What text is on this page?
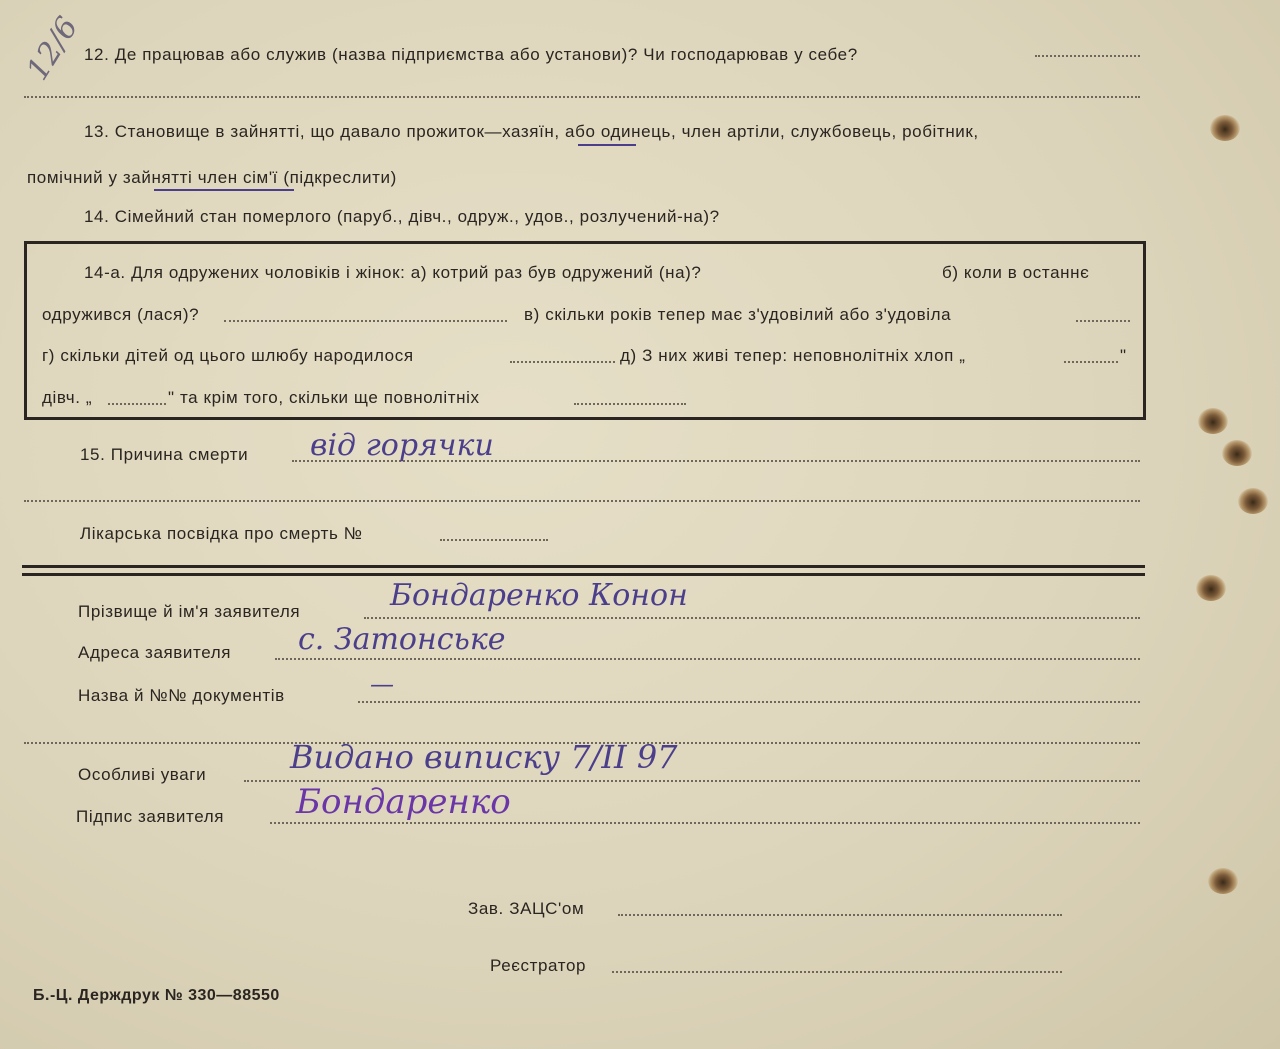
12. Де працював або служив (назва підприємства або установи)? Чи господарював у себе?
12/6
13. Становище в зайнятті, що давало прожиток—хазяїн, або одинець, член артіли, службовець, робітник,
помічний у зайнятті член сім'ї (підкреслити)
14. Сімейний стан померлого (паруб., дівч., одруж., удов., розлучений-на)?
14-а. Для одружених чоловіків і жінок: а) котрий раз був одружений (на)?	б) коли в останнє
одружився (лася)?	в) скільки років тепер має з'удовілий або з'удовіла
г) скільки дітей од цього шлюбу народилося	д) З них живі тепер: неповнолітніх хлоп „	"
дівч. „	" та крім того, скільки ще повнолітніх
15. Причина смерти від горячки
Лікарська посвідка про смерть №
Прізвище й ім'я заявителя	Бондаренко Конон
Адреса заявителя с. Затонське
Назва й №№ документів	—
Особливі уваги	Видано виписку 7/II 97
Підпис заявителя Бондаренко
Зав. ЗАЦС'ом
Реєстратор
Б.-Ц. Держдрук № 330—88550
